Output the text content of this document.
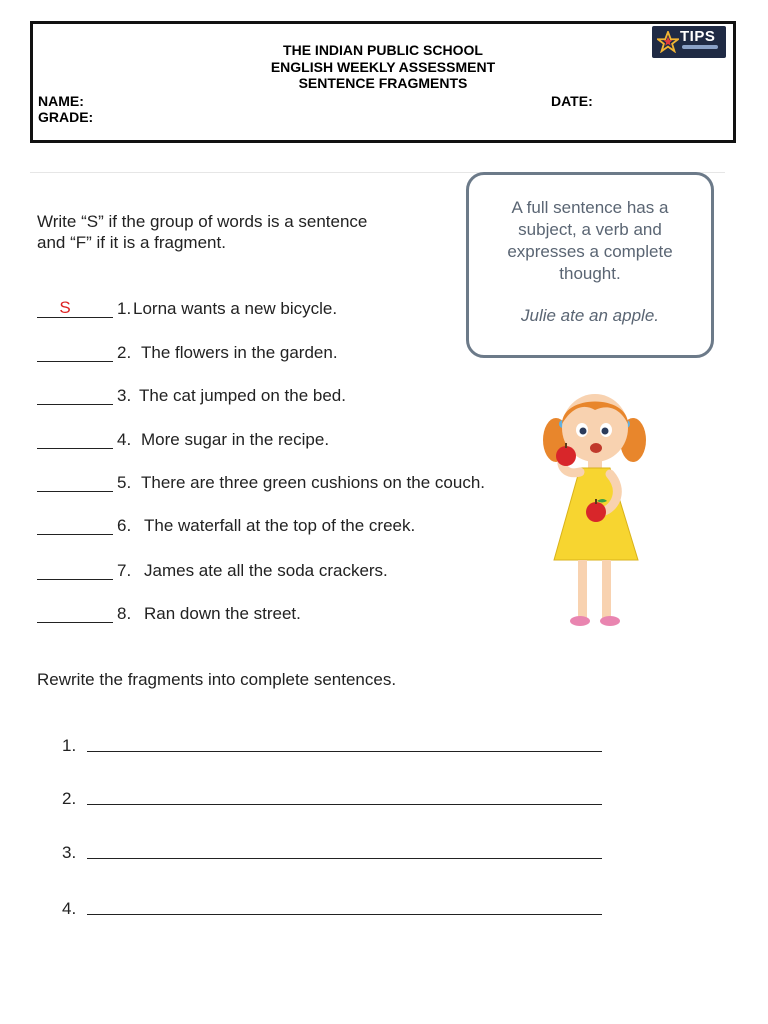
THE INDIAN PUBLIC SCHOOL
ENGLISH WEEKLY ASSESSMENT
SENTENCE FRAGMENTS
NAME:	DATE:
GRADE:
TIPS
Write “S” if the group of words is a sentence
and “F” if it is a fragment.
A full sentence has a
subject, a verb and
expresses a complete
thought.
Julie ate an apple.
S	1. Lorna wants a new bicycle.
2. The flowers in the garden.
3. The cat jumped on the bed.
4. More sugar in the recipe.
5. There are three green cushions on the couch.
6. The waterfall at the top of the creek.
7. James ate all the soda crackers.
8. Ran down the street.
Rewrite the fragments into complete sentences.
1.
2.
3.
4.
